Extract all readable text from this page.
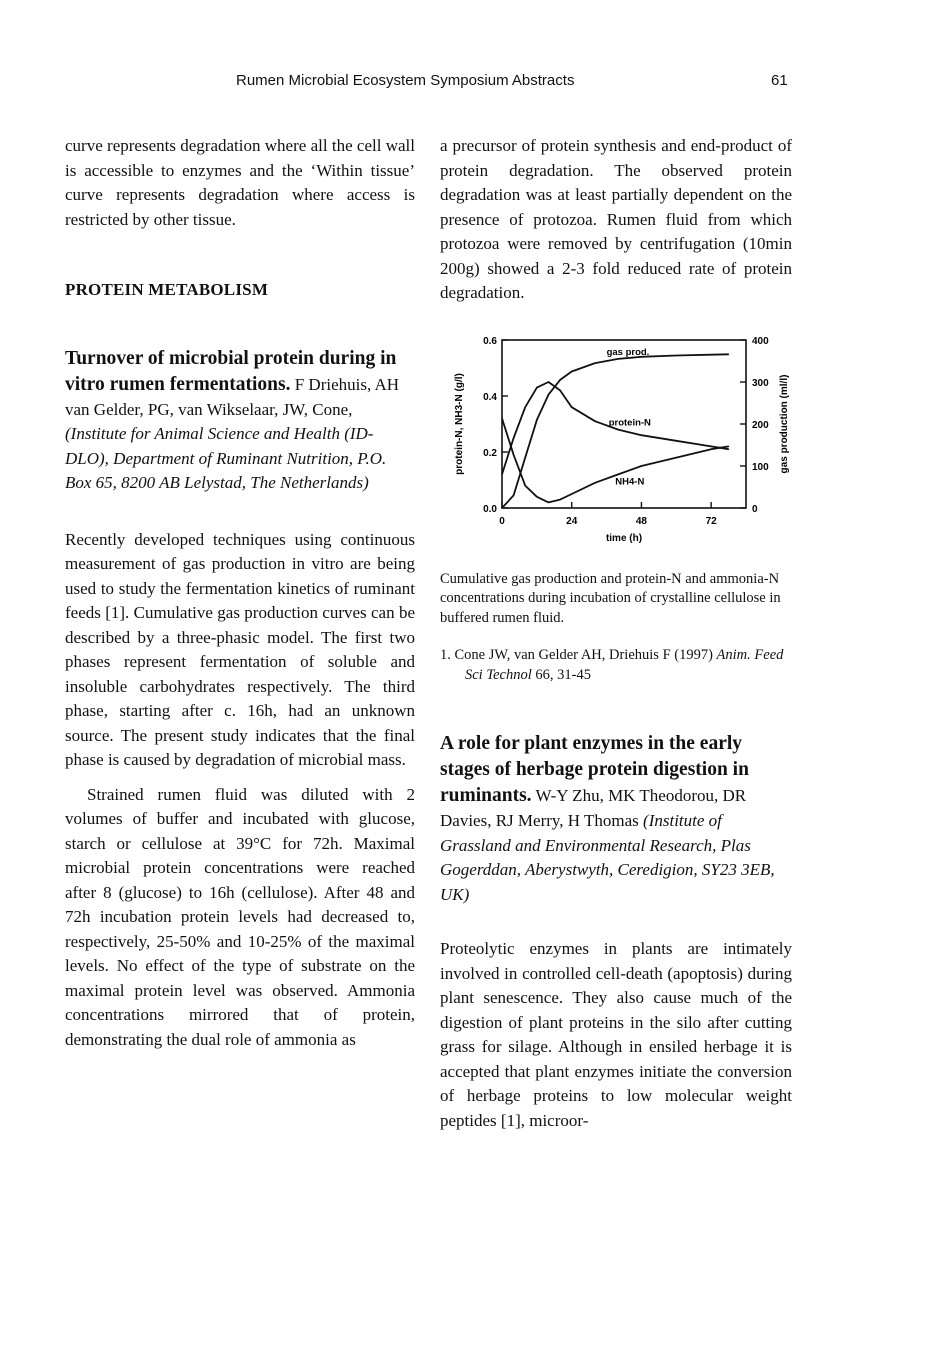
Rumen Microbial Ecosystem Symposium Abstracts	61

curve represents degradation where all the cell wall is accessible to enzymes and the ‘Within tissue’ curve represents degradation where access is restricted by other tissue.

PROTEIN METABOLISM

Turnover of microbial protein during in vitro rumen fermentations. F Driehuis, AH van Gelder, PG, van Wikselaar, JW, Cone, (Institute for Animal Science and Health (ID-DLO), Department of Ruminant Nutrition, P.O. Box 65, 8200 AB Lelystad, The Netherlands)

Recently developed techniques using continuous measurement of gas production in vitro are being used to study the fermentation kinetics of ruminant feeds [1]. Cumulative gas production curves can be described by a three-phasic model. The first two phases represent fermentation of soluble and insoluble carbohydrates respectively. The third phase, starting after c. 16h, had an unknown source. The present study indicates that the final phase is caused by degradation of microbial mass.

Strained rumen fluid was diluted with 2 volumes of buffer and incubated with glucose, starch or cellulose at 39°C for 72h. Maximal microbial protein concentrations were reached after 8 (glucose) to 16h (cellulose). After 48 and 72h incubation protein levels had decreased to, respectively, 25-50% and 10-25% of the maximal levels. No effect of the type of substrate on the maximal protein level was observed. Ammonia concentrations mirrored that of protein, demonstrating the dual role of ammonia as

a precursor of protein synthesis and end-product of protein degradation. The observed protein degradation was at least partially dependent on the presence of protozoa. Rumen fluid from which protozoa were removed by centrifugation (10min 200g) showed a 2-3 fold reduced rate of protein degradation.

0.0
0.2
0.4
0.6
0
100
200
300
400
0	24	48	72
time (h)
protein-N, NH3-N (g/l)	gas production (ml/l)
gas prod.
protein-N
NH4-N

Cumulative gas production and protein-N and ammonia-N concentrations during incubation of crystalline cellulose in buffered rumen fluid.

1. Cone JW, van Gelder AH, Driehuis F (1997) Anim. Feed Sci Technol 66, 31-45

A role for plant enzymes in the early stages of herbage protein digestion in ruminants. W-Y Zhu, MK Theodorou, DR Davies, RJ Merry, H Thomas (Institute of Grassland and Environmental Research, Plas Gogerddan, Aberystwyth, Ceredigion, SY23 3EB, UK)

Proteolytic enzymes in plants are intimately involved in controlled cell-death (apoptosis) during plant senescence. They also cause much of the digestion of plant proteins in the silo after cutting grass for silage. Although in ensiled herbage it is accepted that plant enzymes initiate the conversion of herbage proteins to low molecular weight peptides [1], microor-
